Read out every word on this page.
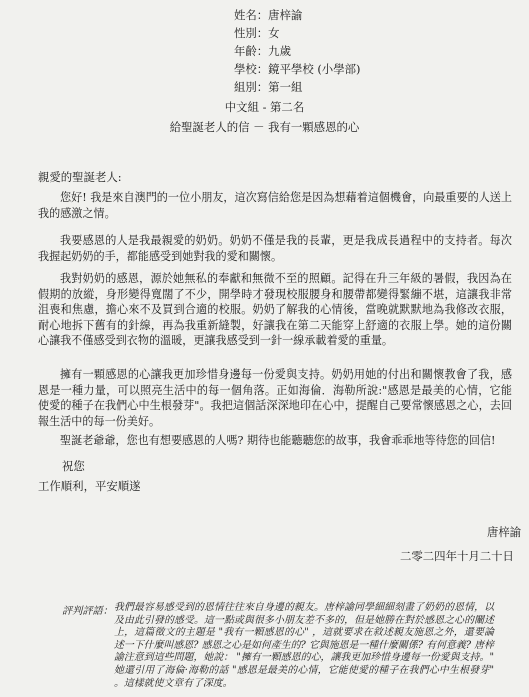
姓名：唐梓諭
性別：女
年齡：九歲
學校：鏡平學校 (小學部)
組別：第一組
中文組 - 第二名
給聖誕老人的信 － 我有一顆感恩的心
親愛的聖誕老人:

您好! 我是來自澳門的一位小朋友，這次寫信給您是因為想藉着這個機會，向最重要的人送上我的感激之情。

我要感恩的人是我最親愛的奶奶。奶奶不僅是我的長輩，更是我成長過程中的支持者。每次我握起奶奶的手，都能感受到她對我的愛和關懷。

我對奶奶的感恩，源於她無私的奉獻和無微不至的照顧。記得在升三年級的暑假，我因為在假期的放縱，身形變得寬闊了不少，開學時才發現校服腰身和腰帶都變得緊繃不堪，這讓我非常沮喪和焦慮，擔心來不及買到合適的校服。奶奶了解我的心情後，當晚就默默地為我修改衣服，耐心地拆下舊有的針線，再為我重新縫製，好讓我在第二天能穿上舒適的衣服上學。她的這份關心讓我不僅感受到衣物的溫暖，更讓我感受到一針一線承載着愛的重量。

擁有一顆感恩的心讓我更加珍惜身邊每一份愛與支持。奶奶用她的付出和關懷教會了我，感恩是一種力量，可以照亮生活中的每一個角落。正如海倫．海勒所說:"感恩是最美的心情，它能使愛的種子在我們心中生根發芽"。我把這個話深深地印在心中，提醒自己要常懷感恩之心，去回報生活中的每一份美好。

聖誕老爺爺，您也有想要感恩的人嗎? 期待也能聽聽您的故事，我會乖乖地等待您的回信!

祝您
工作順利，平安順遂
唐梓諭
二零二四年十月二十日
評判評語： 我們最容易感受到的恩情往往來自身邊的親友。唐梓諭同學細細刻畫了奶奶的恩情，以及由此引發的感受。這一點或與很多小朋友差不多的，但是她勝在對於感恩之心的闡述上，這篇徵文的主題是 "我有一顆感恩的心" ，這就要求在敘述親友施恩之外，還要論述一下什麼叫感恩? 感恩之心是如何產生的? 它與施恩是一種什麼關係? 有何意義? 唐梓諭注意到這些問題，她說： "擁有一顆感恩的心，讓我更加珍惜身邊每一份愛與支持。" 她還引用了海倫·海勒的話 "感恩是最美的心情，它能使愛的種子在我們心中生根發芽" 。這樣就使文章有了深度。
